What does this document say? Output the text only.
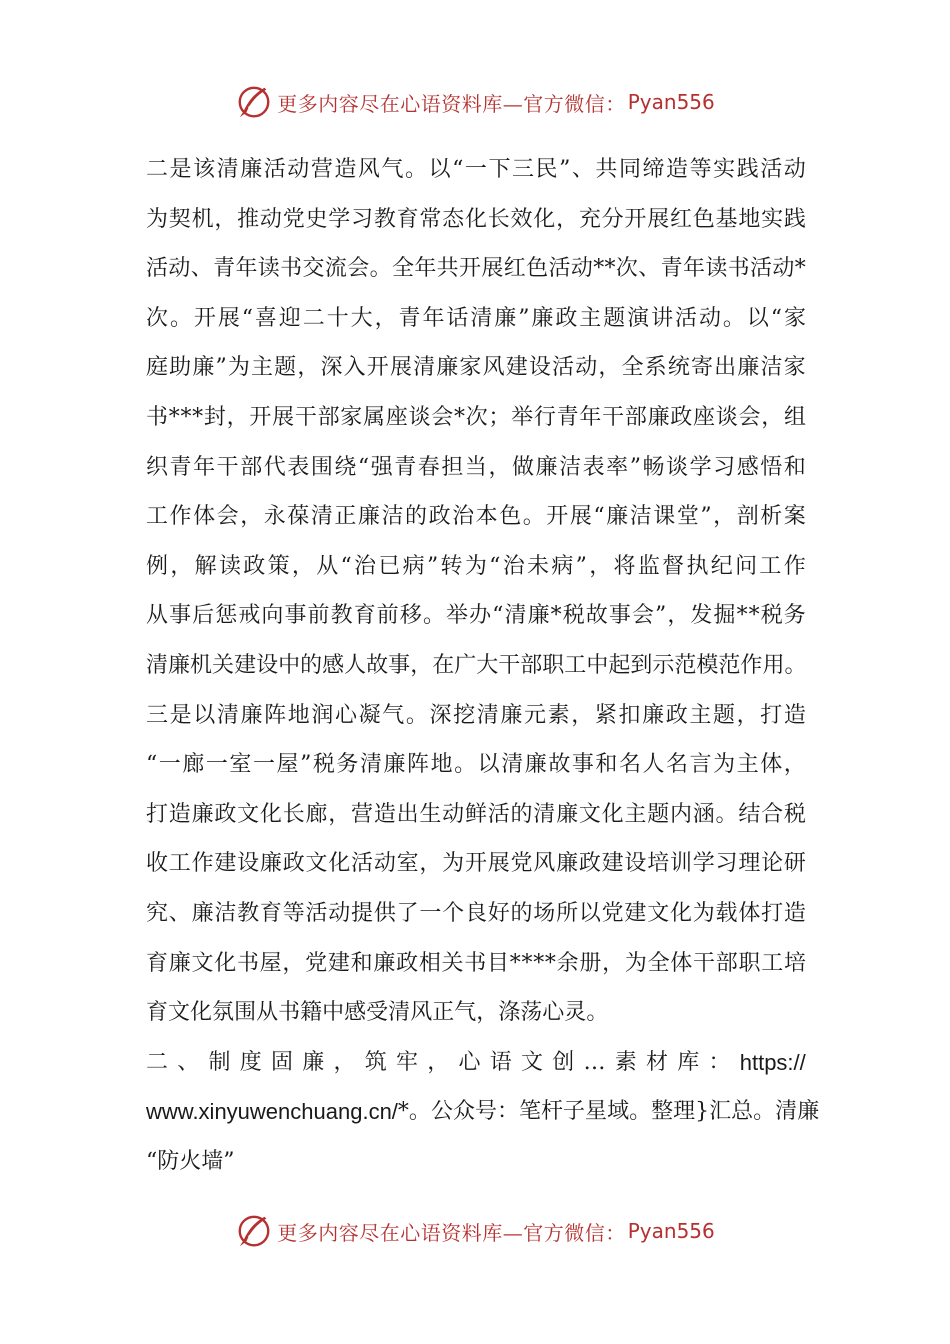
更多内容尽在心语资料库—官方微信： Pyan556
二 是 该 清 廉 活 动 营 造 风 气 。 以 “ 一 下 三 民 ” 、 共 同 缔 造 等 实 践 活 动
为 契 机 ， 推 动 党 史 学 习 教 育 常 态 化 长 效 化 ， 充 分 开 展 红 色 基 地 实 践
活 动 、 青 年 读 书 交 流 会 。 全 年 共 开 展 红 色 活 动 * * 次 、 青 年 读 书 活 动 *
次 。 开 展 “ 喜 迎 二 十 大 ， 青 年 话 清 廉 ” 廉 政 主 题 演 讲 活 动 。 以 “ 家
庭 助 廉 ” 为 主 题 ， 深 入 开 展 清 廉 家 风 建 设 活 动 ， 全 系 统 寄 出 廉 洁 家
书 * * * 封 ， 开 展 干 部 家 属 座 谈 会 * 次 ； 举 行 青 年 干 部 廉 政 座 谈 会 ， 组
织 青 年 干 部 代 表 围 绕 “ 强 青 春 担 当 ， 做 廉 洁 表 率 ” 畅 谈 学 习 感 悟 和
工 作 体 会 ， 永 葆 清 正 廉 洁 的 政 治 本 色 。 开 展 “ 廉 洁 课 堂 ” ， 剖 析 案
例 ， 解 读 政 策 ， 从 “ 治 已 病 ” 转 为 “ 治 未 病 ” ， 将 监 督 执 纪 问 工 作
从 事 后 惩 戒 向 事 前 教 育 前 移 。 举 办 “ 清 廉 * 税 故 事 会 ” ， 发 掘 * * 税 务
清 廉 机 关 建 设 中 的 感 人 故 事 ， 在 广 大 干 部 职 工 中 起 到 示 范 模 范 作 用 。
三 是 以 清 廉 阵 地 润 心 凝 气 。 深 挖 清 廉 元 素 ， 紧 扣 廉 政 主 题 ， 打 造
“ 一 廊 一 室 一 屋 ” 税 务 清 廉 阵 地 。 以 清 廉 故 事 和 名 人 名 言 为 主 体 ，
打 造 廉 政 文 化 长 廊 ， 营 造 出 生 动 鲜 活 的 清 廉 文 化 主 题 内 涵 。 结 合 税
收 工 作 建 设 廉 政 文 化 活 动 室 ， 为 开 展 党 风 廉 政 建 设 培 训 学 习 理 论 研
究 、 廉 洁 教 育 等 活 动 提 供 了 一 个 良 好 的 场 所 以 党 建 文 化 为 载 体 打 造
育 廉 文 化 书 屋 ， 党 建 和 廉 政 相 关 书 目 * * * * 余 册 ， 为 全 体 干 部 职 工 培
育 文 化 氛 围 从 书 籍 中 感 受 清 风 正 气 ， 涤 荡 心 灵 。
二 、 制 度 固 廉 ， 筑 牢 ， 心 语 文 创 … 素 材 库 ： https://
www.xinyuwenchuang.cn/ * 。 公 众 号 ： 笔 杆 子 星 域 。 整 理 } 汇 总 。 清 廉
“ 防 火 墙 ”
更多内容尽在心语资料库—官方微信： Pyan556
